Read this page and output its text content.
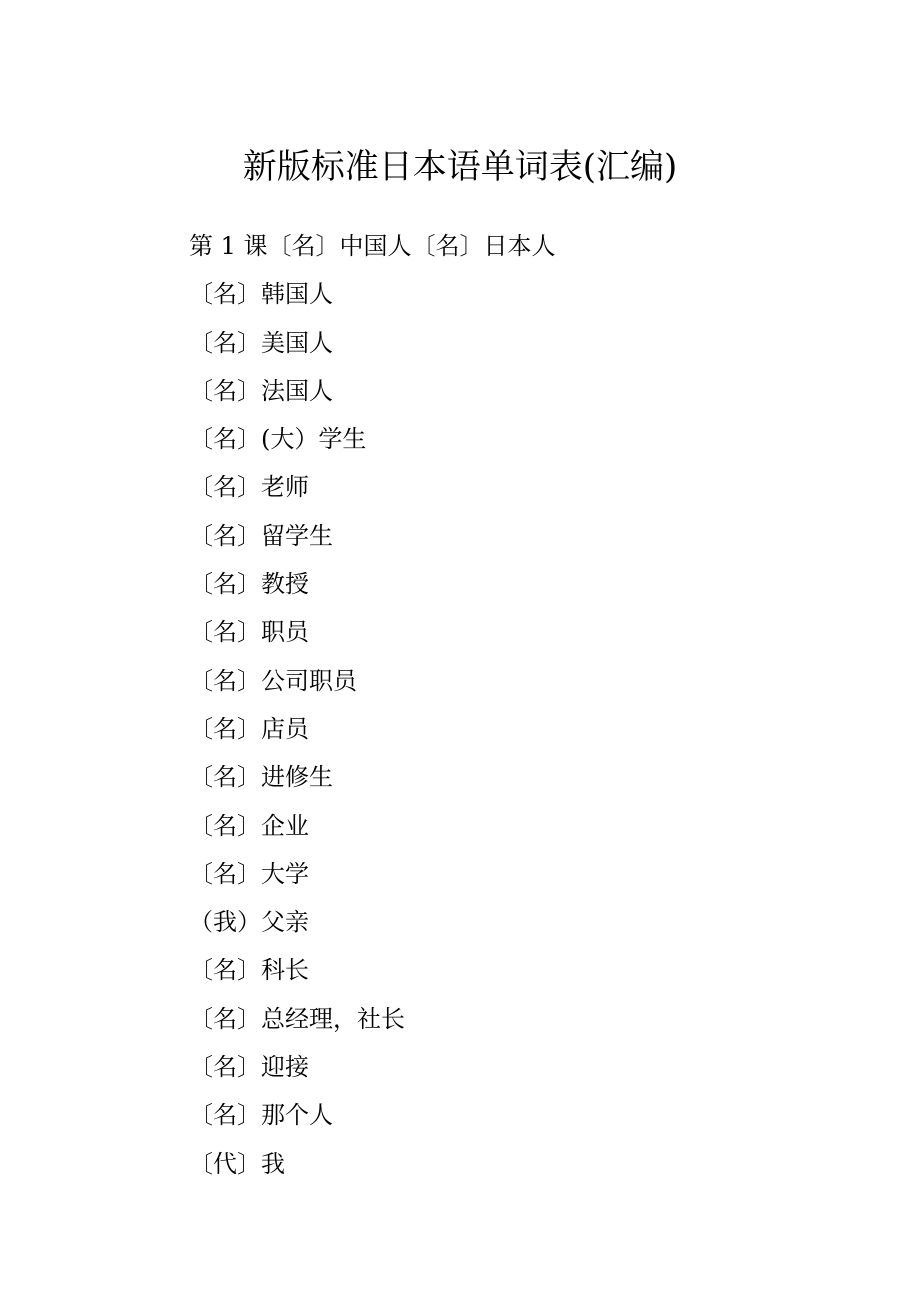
新版标准日本语单词表(汇编)
第 1 课〔名〕中国人〔名〕日本人
〔名〕韩国人
〔名〕美国人
〔名〕法国人
〔名〕(大）学生
〔名〕老师
〔名〕留学生
〔名〕教授
〔名〕职员
〔名〕公司职员
〔名〕店员
〔名〕进修生
〔名〕企业
〔名〕大学
（我）父亲
〔名〕科长
〔名〕总经理，社长
〔名〕迎接
〔名〕那个人
〔代〕我
